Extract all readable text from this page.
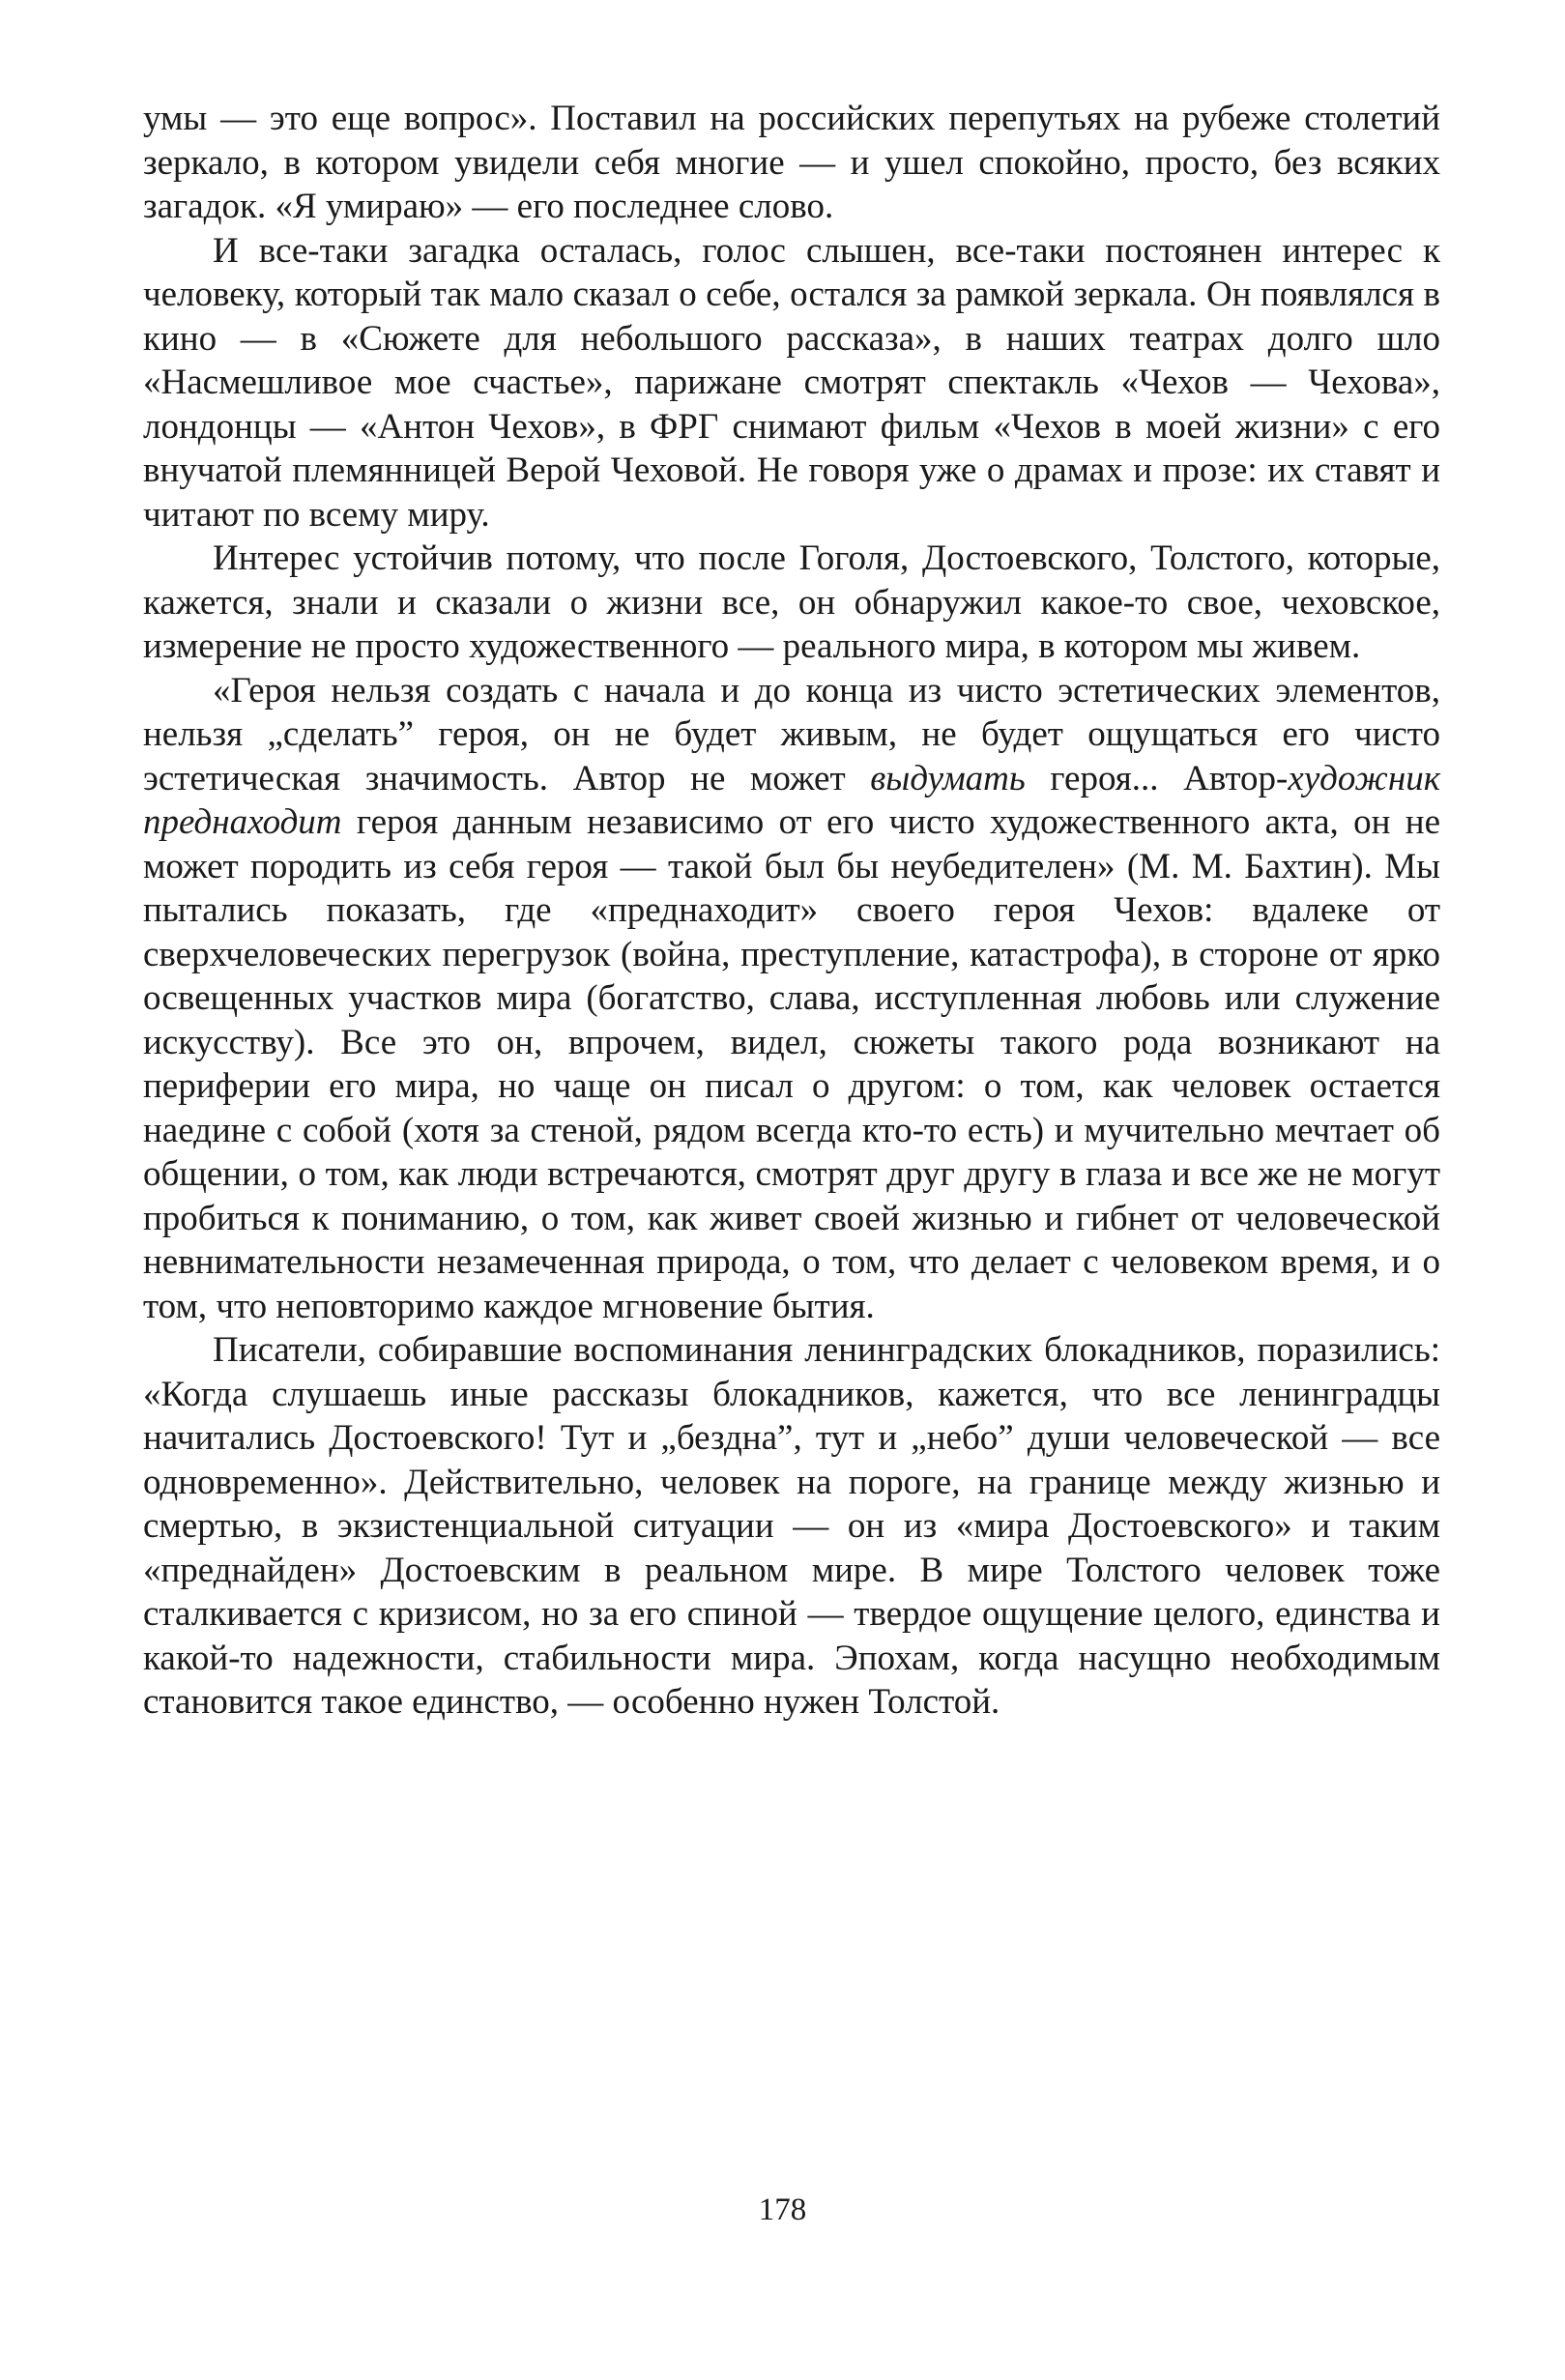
умы — это еще вопрос». Поставил на российских перепутьях на рубеже столетий зеркало, в котором увидели себя многие — и ушел спокойно, просто, без всяких загадок. «Я умираю» — его последнее слово.

И все-таки загадка осталась, голос слышен, все-таки постоянен интерес к человеку, который так мало сказал о себе, остался за рамкой зеркала. Он появлялся в кино — в «Сюжете для небольшого рассказа», в наших театрах долго шло «Насмешливое мое счастье», парижане смотрят спектакль «Чехов — Чехова», лондонцы — «Антон Чехов», в ФРГ снимают фильм «Чехов в моей жизни» с его внучатой племянницей Верой Чеховой. Не говоря уже о драмах и прозе: их ставят и читают по всему миру.

Интерес устойчив потому, что после Гоголя, Достоевского, Толстого, которые, кажется, знали и сказали о жизни все, он обнаружил какое-то свое, чеховское, измерение не просто художественного — реального мира, в котором мы живем.

«Героя нельзя создать с начала и до конца из чисто эстетических элементов, нельзя „сделать” героя, он не будет живым, не будет ощущаться его чисто эстетическая значимость. Автор не может выдумать героя... Автор-художник преднаходит героя данным независимо от его чисто художественного акта, он не может породить из себя героя — такой был бы неубедителен» (М. М. Бахтин). Мы пытались показать, где «преднаходит» своего героя Чехов: вдалеке от сверхчеловеческих перегрузок (война, преступление, катастрофа), в стороне от ярко освещенных участков мира (богатство, слава, исступленная любовь или служение искусству). Все это он, впрочем, видел, сюжеты такого рода возникают на периферии его мира, но чаще он писал о другом: о том, как человек остается наедине с собой (хотя за стеной, рядом всегда кто-то есть) и мучительно мечтает об общении, о том, как люди встречаются, смотрят друг другу в глаза и все же не могут пробиться к пониманию, о том, как живет своей жизнью и гибнет от человеческой невнимательности незамеченная природа, о том, что делает с человеком время, и о том, что неповторимо каждое мгновение бытия.

Писатели, собиравшие воспоминания ленинградских блокадников, поразились: «Когда слушаешь иные рассказы блокадников, кажется, что все ленинградцы начитались Достоевского! Тут и „бездна”, тут и „небо” души человеческой — все одновременно». Действительно, человек на пороге, на границе между жизнью и смертью, в экзистенциальной ситуации — он из «мира Достоевского» и таким «преднайден» Достоевским в реальном мире. В мире Толстого человек тоже сталкивается с кризисом, но за его спиной — твердое ощущение целого, единства и какой-то надежности, стабильности мира. Эпохам, когда насущно необходимым становится такое единство, — особенно нужен Толстой.

178
